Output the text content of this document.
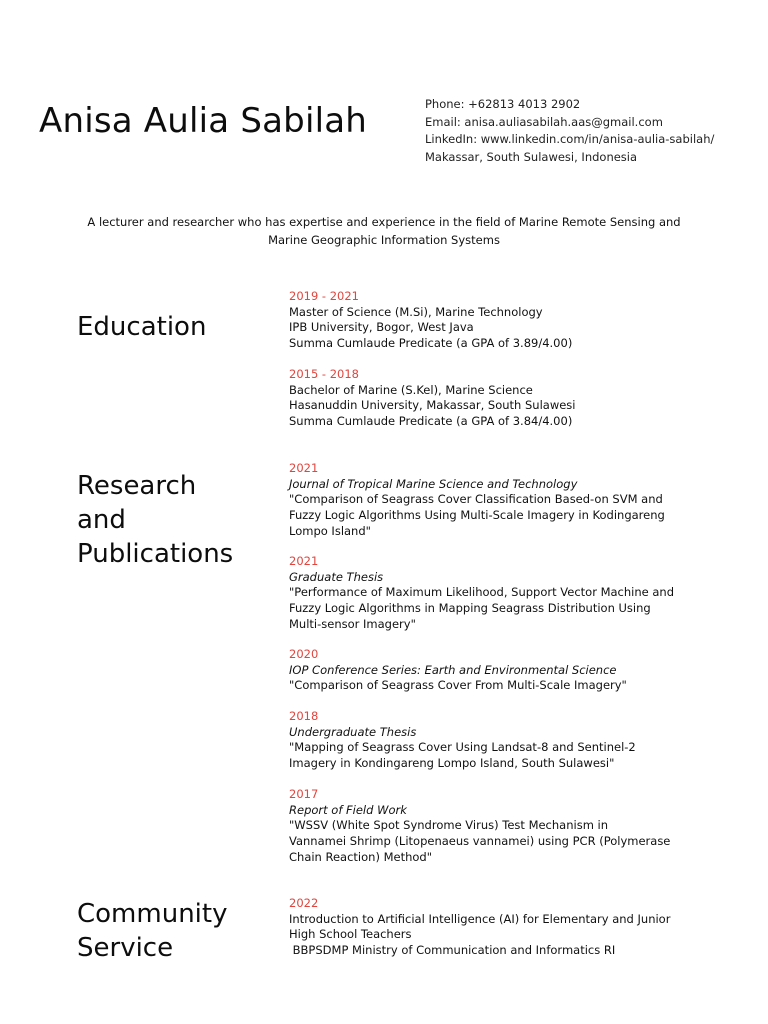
Anisa Aulia Sabilah	Phone: +62813 4013 2902
Email: anisa.auliasabilah.aas@gmail.com
LinkedIn: www.linkedin.com/in/anisa-aulia-sabilah/
Makassar, South Sulawesi, Indonesia
A lecturer and researcher who has expertise and experience in the field of Marine Remote Sensing and
Marine Geographic Information Systems
Education
2019 - 2021
Master of Science (M.Si), Marine Technology
IPB University, Bogor, West Java
Summa Cumlaude Predicate (a GPA of 3.89/4.00)
2015 - 2018
Bachelor of Marine (S.Kel), Marine Science
Hasanuddin University, Makassar, South Sulawesi
Summa Cumlaude Predicate (a GPA of 3.84/4.00)
Research
and
Publications
2021
Journal of Tropical Marine Science and Technology
"Comparison of Seagrass Cover Classification Based-on SVM and
Fuzzy Logic Algorithms Using Multi-Scale Imagery in Kodingareng
Lompo Island"
2021
Graduate Thesis
"Performance of Maximum Likelihood, Support Vector Machine and
Fuzzy Logic Algorithms in Mapping Seagrass Distribution Using
Multi-sensor Imagery"
2020
IOP Conference Series: Earth and Environmental Science
"Comparison of Seagrass Cover From Multi-Scale Imagery"
2018
Undergraduate Thesis
"Mapping of Seagrass Cover Using Landsat-8 and Sentinel-2
Imagery in Kondingareng Lompo Island, South Sulawesi"
2017
Report of Field Work
"WSSV (White Spot Syndrome Virus) Test Mechanism in
Vannamei Shrimp (Litopenaeus vannamei) using PCR (Polymerase
Chain Reaction) Method"
Community
Service
2022
Introduction to Artificial Intelligence (AI) for Elementary and Junior
High School Teachers
BBPSDMP Ministry of Communication and Informatics RI
